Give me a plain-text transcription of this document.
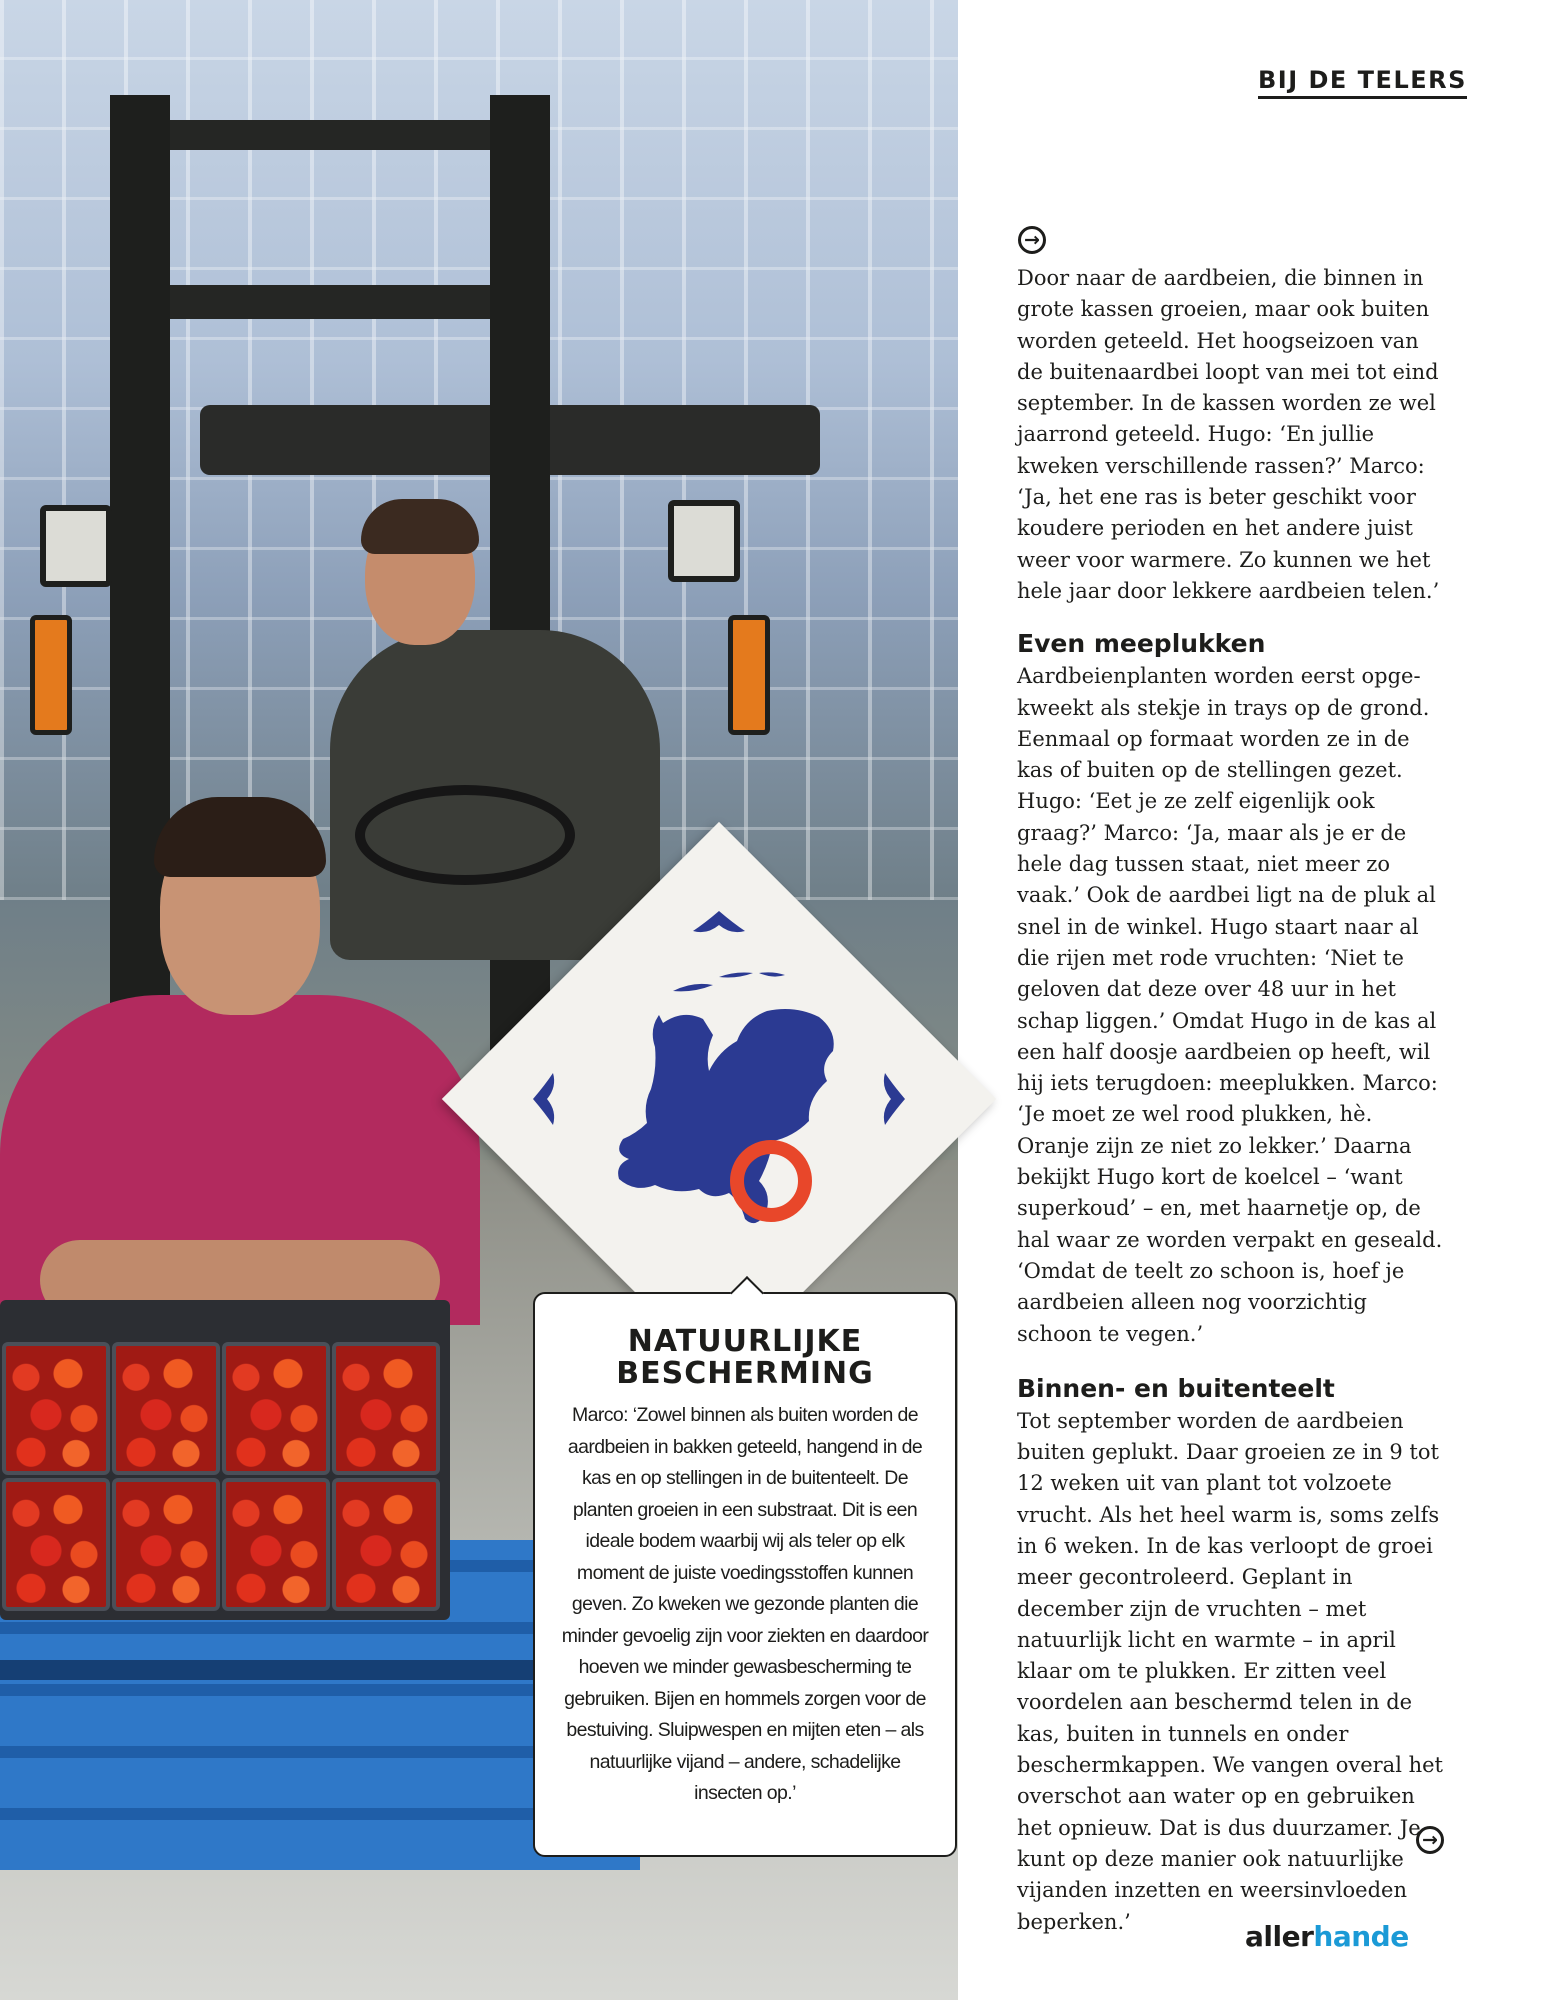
NATUURLIJKE
BESCHERMING

Marco: ‘Zowel binnen als buiten worden de aardbeien in bakken geteeld, hangend in de kas en op stellingen in de buitenteelt. De planten groeien in een substraat. Dit is een ideale bodem waarbij wij als teler op elk moment de juiste voedingsstoffen kunnen geven. Zo kweken we gezonde planten die minder gevoelig zijn voor ziekten en daardoor hoeven we minder gewasbescherming te gebruiken. Bijen en hommels zorgen voor de bestuiving. Sluipwespen en mijten eten – als natuurlijke vijand – andere, schadelijke insecten op.’

BIJ DE TELERS
→

Door naar de aardbeien, die binnen in grote kassen groeien, maar ook buiten worden geteeld. Het hoogseizoen van de buitenaardbei loopt van mei tot eind september. In de kassen worden ze wel jaarrond geteeld. Hugo: ‘En jullie kweken verschillende rassen?’ Marco: ‘Ja, het ene ras is beter geschikt voor koudere perioden en het andere juist weer voor warmere. Zo kunnen we het hele jaar door lekkere aardbeien telen.’

Even meeplukken

Aardbeienplanten worden eerst opgekweekt als stekje in trays op de grond. Eenmaal op formaat worden ze in de kas of buiten op de stellingen gezet. Hugo: ‘Eet je ze zelf eigenlijk ook graag?’ Marco: ‘Ja, maar als je er de hele dag tussen staat, niet meer zo vaak.’ Ook de aardbei ligt na de pluk al snel in de winkel. Hugo staart naar al die rijen met rode vruchten: ‘Niet te geloven dat deze over 48 uur in het schap liggen.’ Omdat Hugo in de kas al een half doosje aardbeien op heeft, wil hij iets terugdoen: meeplukken. Marco: ‘Je moet ze wel rood plukken, hè. Oranje zijn ze niet zo lekker.’ Daarna bekijkt Hugo kort de koelcel – ‘want superkoud’ – en, met haarnetje op, de hal waar ze worden verpakt en geseald. ‘Omdat de teelt zo schoon is, hoef je aardbeien alleen nog voorzichtig schoon te vegen.’

Binnen- en buitenteelt

Tot september worden de aardbeien buiten geplukt. Daar groeien ze in 9 tot 12 weken uit van plant tot volzoete vrucht. Als het heel warm is, soms zelfs in 6 weken. In de kas verloopt de groei meer gecontroleerd. Geplant in december zijn de vruchten – met natuurlijk licht en warmte – in april klaar om te plukken. Er zitten veel voordelen aan beschermd telen in de kas, buiten in tunnels en onder beschermkappen. We vangen overal het overschot aan water op en gebruiken het opnieuw. Dat is dus duurzamer. Je kunt op deze manier ook natuurlijke vijanden inzetten en weersinvloeden beperken.’

→
allerhande
